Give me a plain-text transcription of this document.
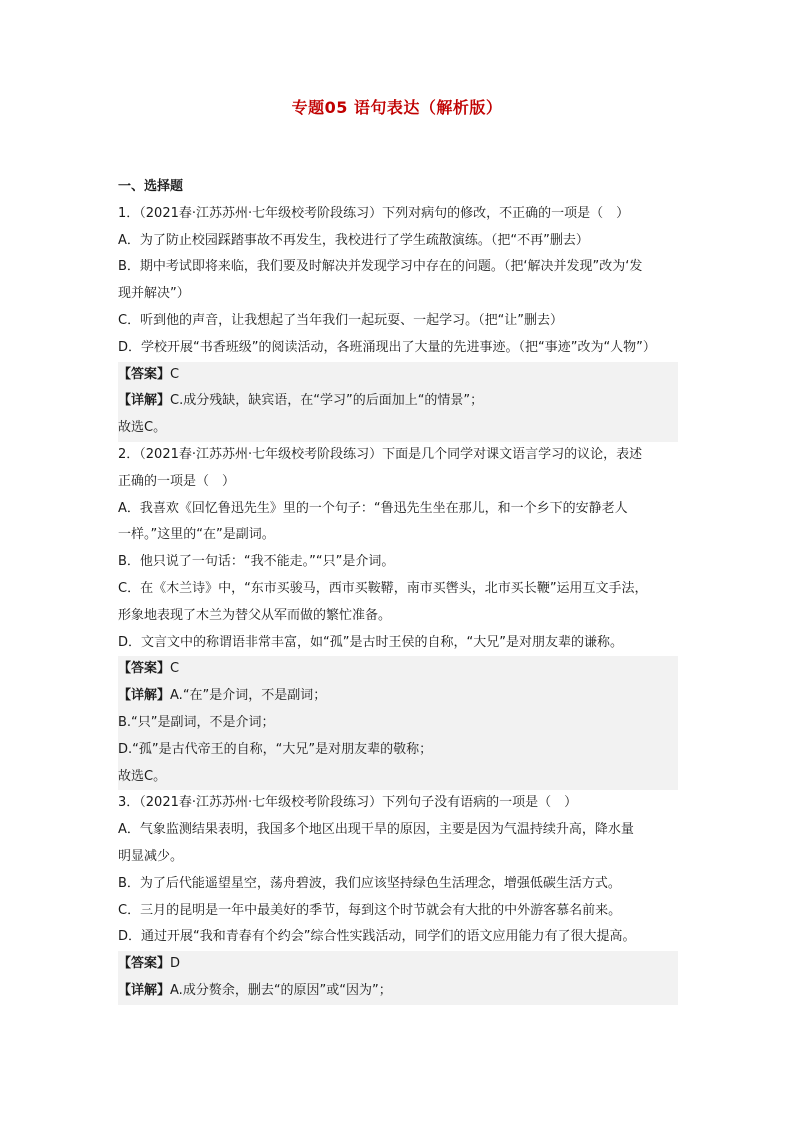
专题05 语句表达（解析版）
一、选择题
1．（2021春·江苏苏州·七年级校考阶段练习）下列对病句的修改，不正确的一项是（　）
A．为了防止校园踩踏事故不再发生，我校进行了学生疏散演练。（把“不再”删去）
B．期中考试即将来临，我们要及时解决并发现学习中存在的问题。（把‘解决并发现”改为‘发
现并解决”）
C．听到他的声音，让我想起了当年我们一起玩耍、一起学习。（把“让”删去）
D．学校开展“书香班级”的阅读活动，各班涌现出了大量的先进事迹。（把“事迹”改为“人物”）
【答案】C
【详解】C.成分残缺，缺宾语，在“学习”的后面加上“的情景”；
故选C。
2．（2021春·江苏苏州·七年级校考阶段练习）下面是几个同学对课文语言学习的议论，表述
正确的一项是（　）
A．我喜欢《回忆鲁迅先生》里的一个句子：“鲁迅先生坐在那儿，和一个乡下的安静老人
一样。”这里的“在”是副词。
B．他只说了一句话：“我不能走。”“只”是介词。
C．在《木兰诗》中，“东市买骏马，西市买鞍鞯，南市买辔头，北市买长鞭”运用互文手法，
形象地表现了木兰为替父从军而做的繁忙准备。
D．文言文中的称谓语非常丰富，如“孤”是古时王侯的自称，“大兄”是对朋友辈的谦称。
【答案】C
【详解】A.“在”是介词，不是副词；
B.“只”是副词，不是介词；
D.“孤”是古代帝王的自称，“大兄”是对朋友辈的敬称；
故选C。
3．（2021春·江苏苏州·七年级校考阶段练习）下列句子没有语病的一项是（　）
A．气象监测结果表明，我国多个地区出现干旱的原因，主要是因为气温持续升高，降水量
明显减少。
B．为了后代能遥望星空，荡舟碧波，我们应该坚持绿色生活理念，增强低碳生活方式。
C．三月的昆明是一年中最美好的季节，每到这个时节就会有大批的中外游客慕名前来。
D．通过开展“我和青春有个约会”综合性实践活动，同学们的语文应用能力有了很大提高。
【答案】D
【详解】A.成分赘余，删去“的原因”或“因为”；
